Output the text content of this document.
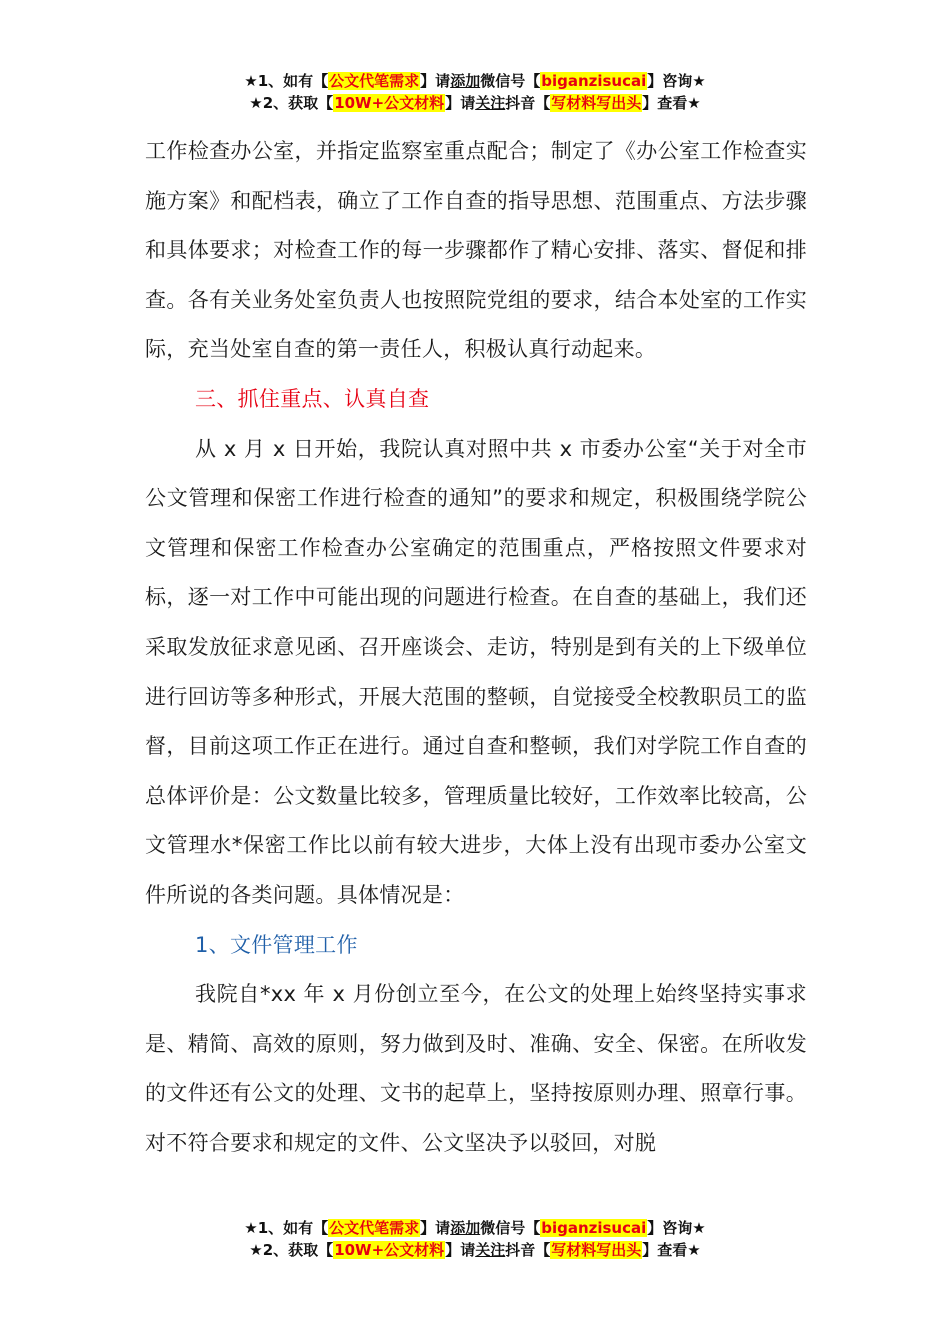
★1、如有【公文代笔需求】请添加微信号【biganzisucai】咨询★
★2、获取【10W+公文材料】请关注抖音【写材料写出头】查看★

工作检查办公室，并指定监察室重点配合；制定了《办公室工作检查实施方案》和配档表，确立了工作自查的指导思想、范围重点、方法步骤和具体要求；对检查工作的每一步骤都作了精心安排、落实、督促和排查。各有关业务处室负责人也按照院党组的要求，结合本处室的工作实际，充当处室自查的第一责任人，积极认真行动起来。

三、抓住重点、认真自查

从 x 月 x 日开始，我院认真对照中共 x 市委办公室“关于对全市公文管理和保密工作进行检查的通知”的要求和规定，积极围绕学院公文管理和保密工作检查办公室确定的范围重点，严格按照文件要求对标，逐一对工作中可能出现的问题进行检查。在自查的基础上，我们还采取发放征求意见函、召开座谈会、走访，特别是到有关的上下级单位进行回访等多种形式，开展大范围的整顿，自觉接受全校教职员工的监督，目前这项工作正在进行。通过自查和整顿，我们对学院工作自查的总体评价是：公文数量比较多，管理质量比较好，工作效率比较高，公文管理水*保密工作比以前有较大进步，大体上没有出现市委办公室文件所说的各类问题。具体情况是：

1、文件管理工作

我院自*xx 年 x 月份创立至今，在公文的处理上始终坚持实事求是、精简、高效的原则，努力做到及时、准确、安全、保密。在所收发的文件还有公文的处理、文书的起草上，坚持按原则办理、照章行事。对不符合要求和规定的文件、公文坚决予以驳回，对脱

★1、如有【公文代笔需求】请添加微信号【biganzisucai】咨询★
★2、获取【10W+公文材料】请关注抖音【写材料写出头】查看★
